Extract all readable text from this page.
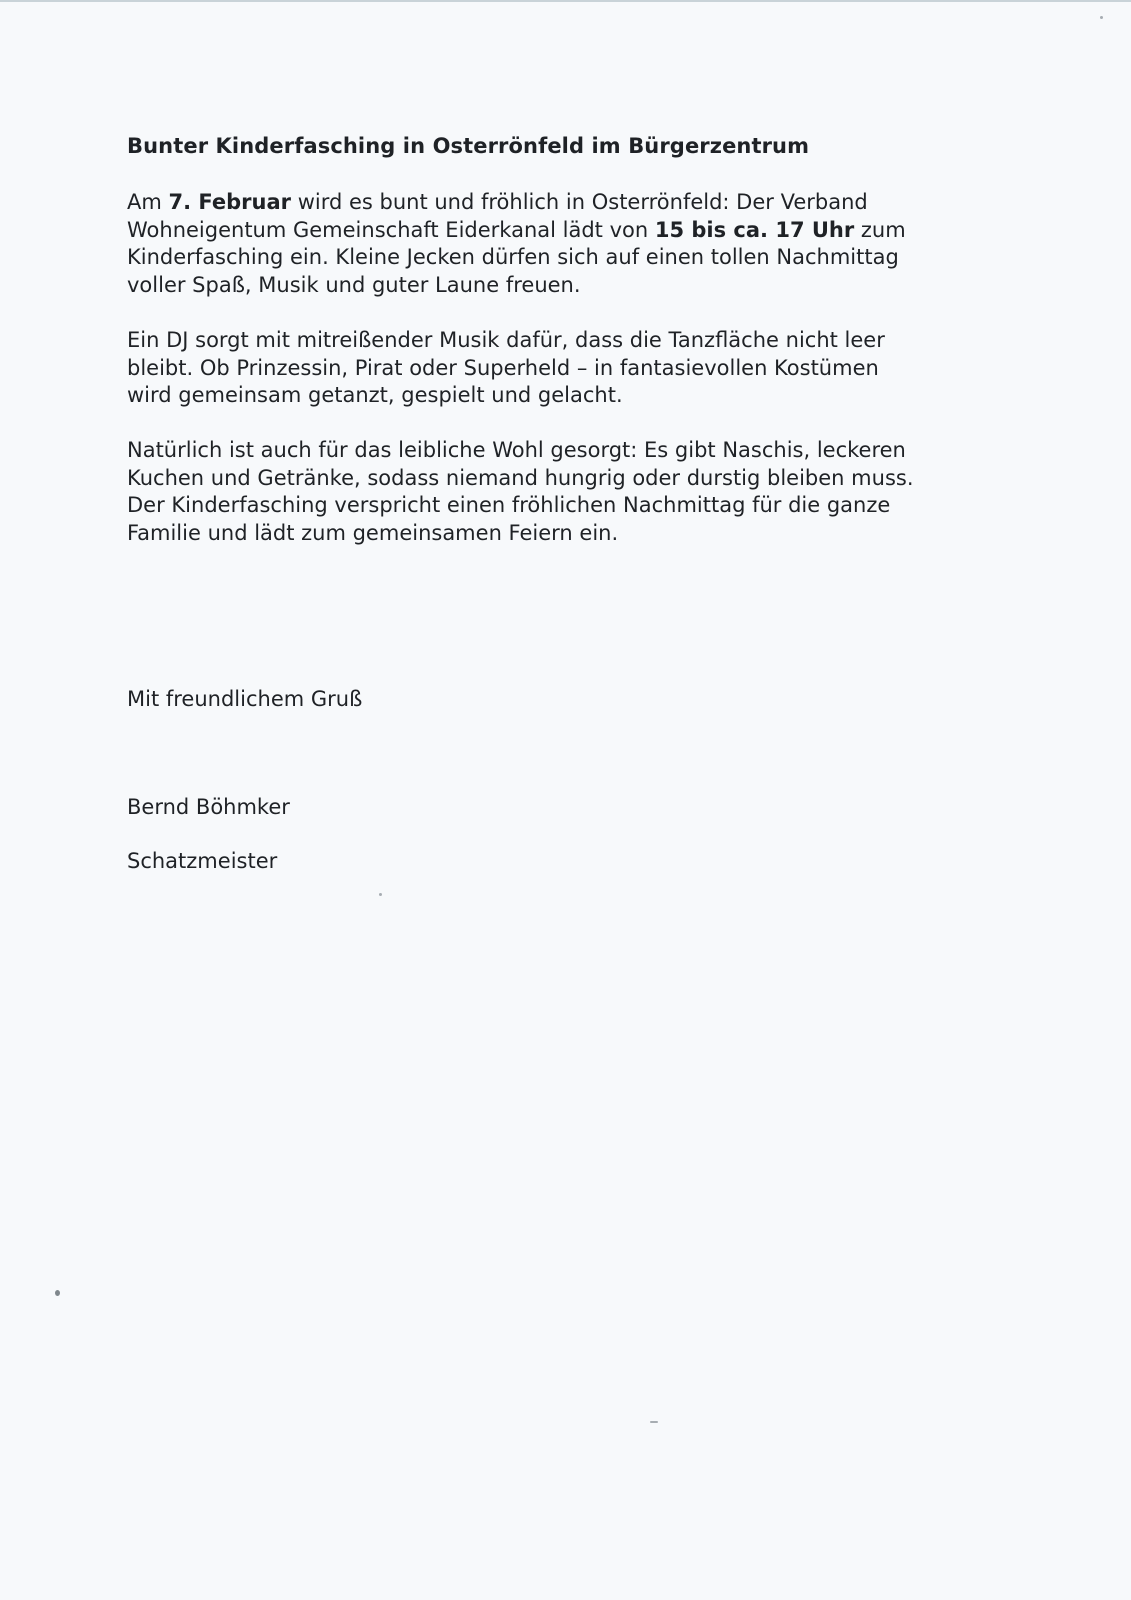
Bunter Kinderfasching in Osterrönfeld im Bürgerzentrum

Am 7. Februar wird es bunt und fröhlich in Osterrönfeld: Der Verband
Wohneigentum Gemeinschaft Eiderkanal lädt von 15 bis ca. 17 Uhr zum
Kinderfasching ein. Kleine Jecken dürfen sich auf einen tollen Nachmittag
voller Spaß, Musik und guter Laune freuen.

Ein DJ sorgt mit mitreißender Musik dafür, dass die Tanzfläche nicht leer
bleibt. Ob Prinzessin, Pirat oder Superheld – in fantasievollen Kostümen
wird gemeinsam getanzt, gespielt und gelacht.

Natürlich ist auch für das leibliche Wohl gesorgt: Es gibt Naschis, leckeren
Kuchen und Getränke, sodass niemand hungrig oder durstig bleiben muss.
Der Kinderfasching verspricht einen fröhlichen Nachmittag für die ganze
Familie und lädt zum gemeinsamen Feiern ein.

Mit freundlichem Gruß

Bernd Böhmker

Schatzmeister
